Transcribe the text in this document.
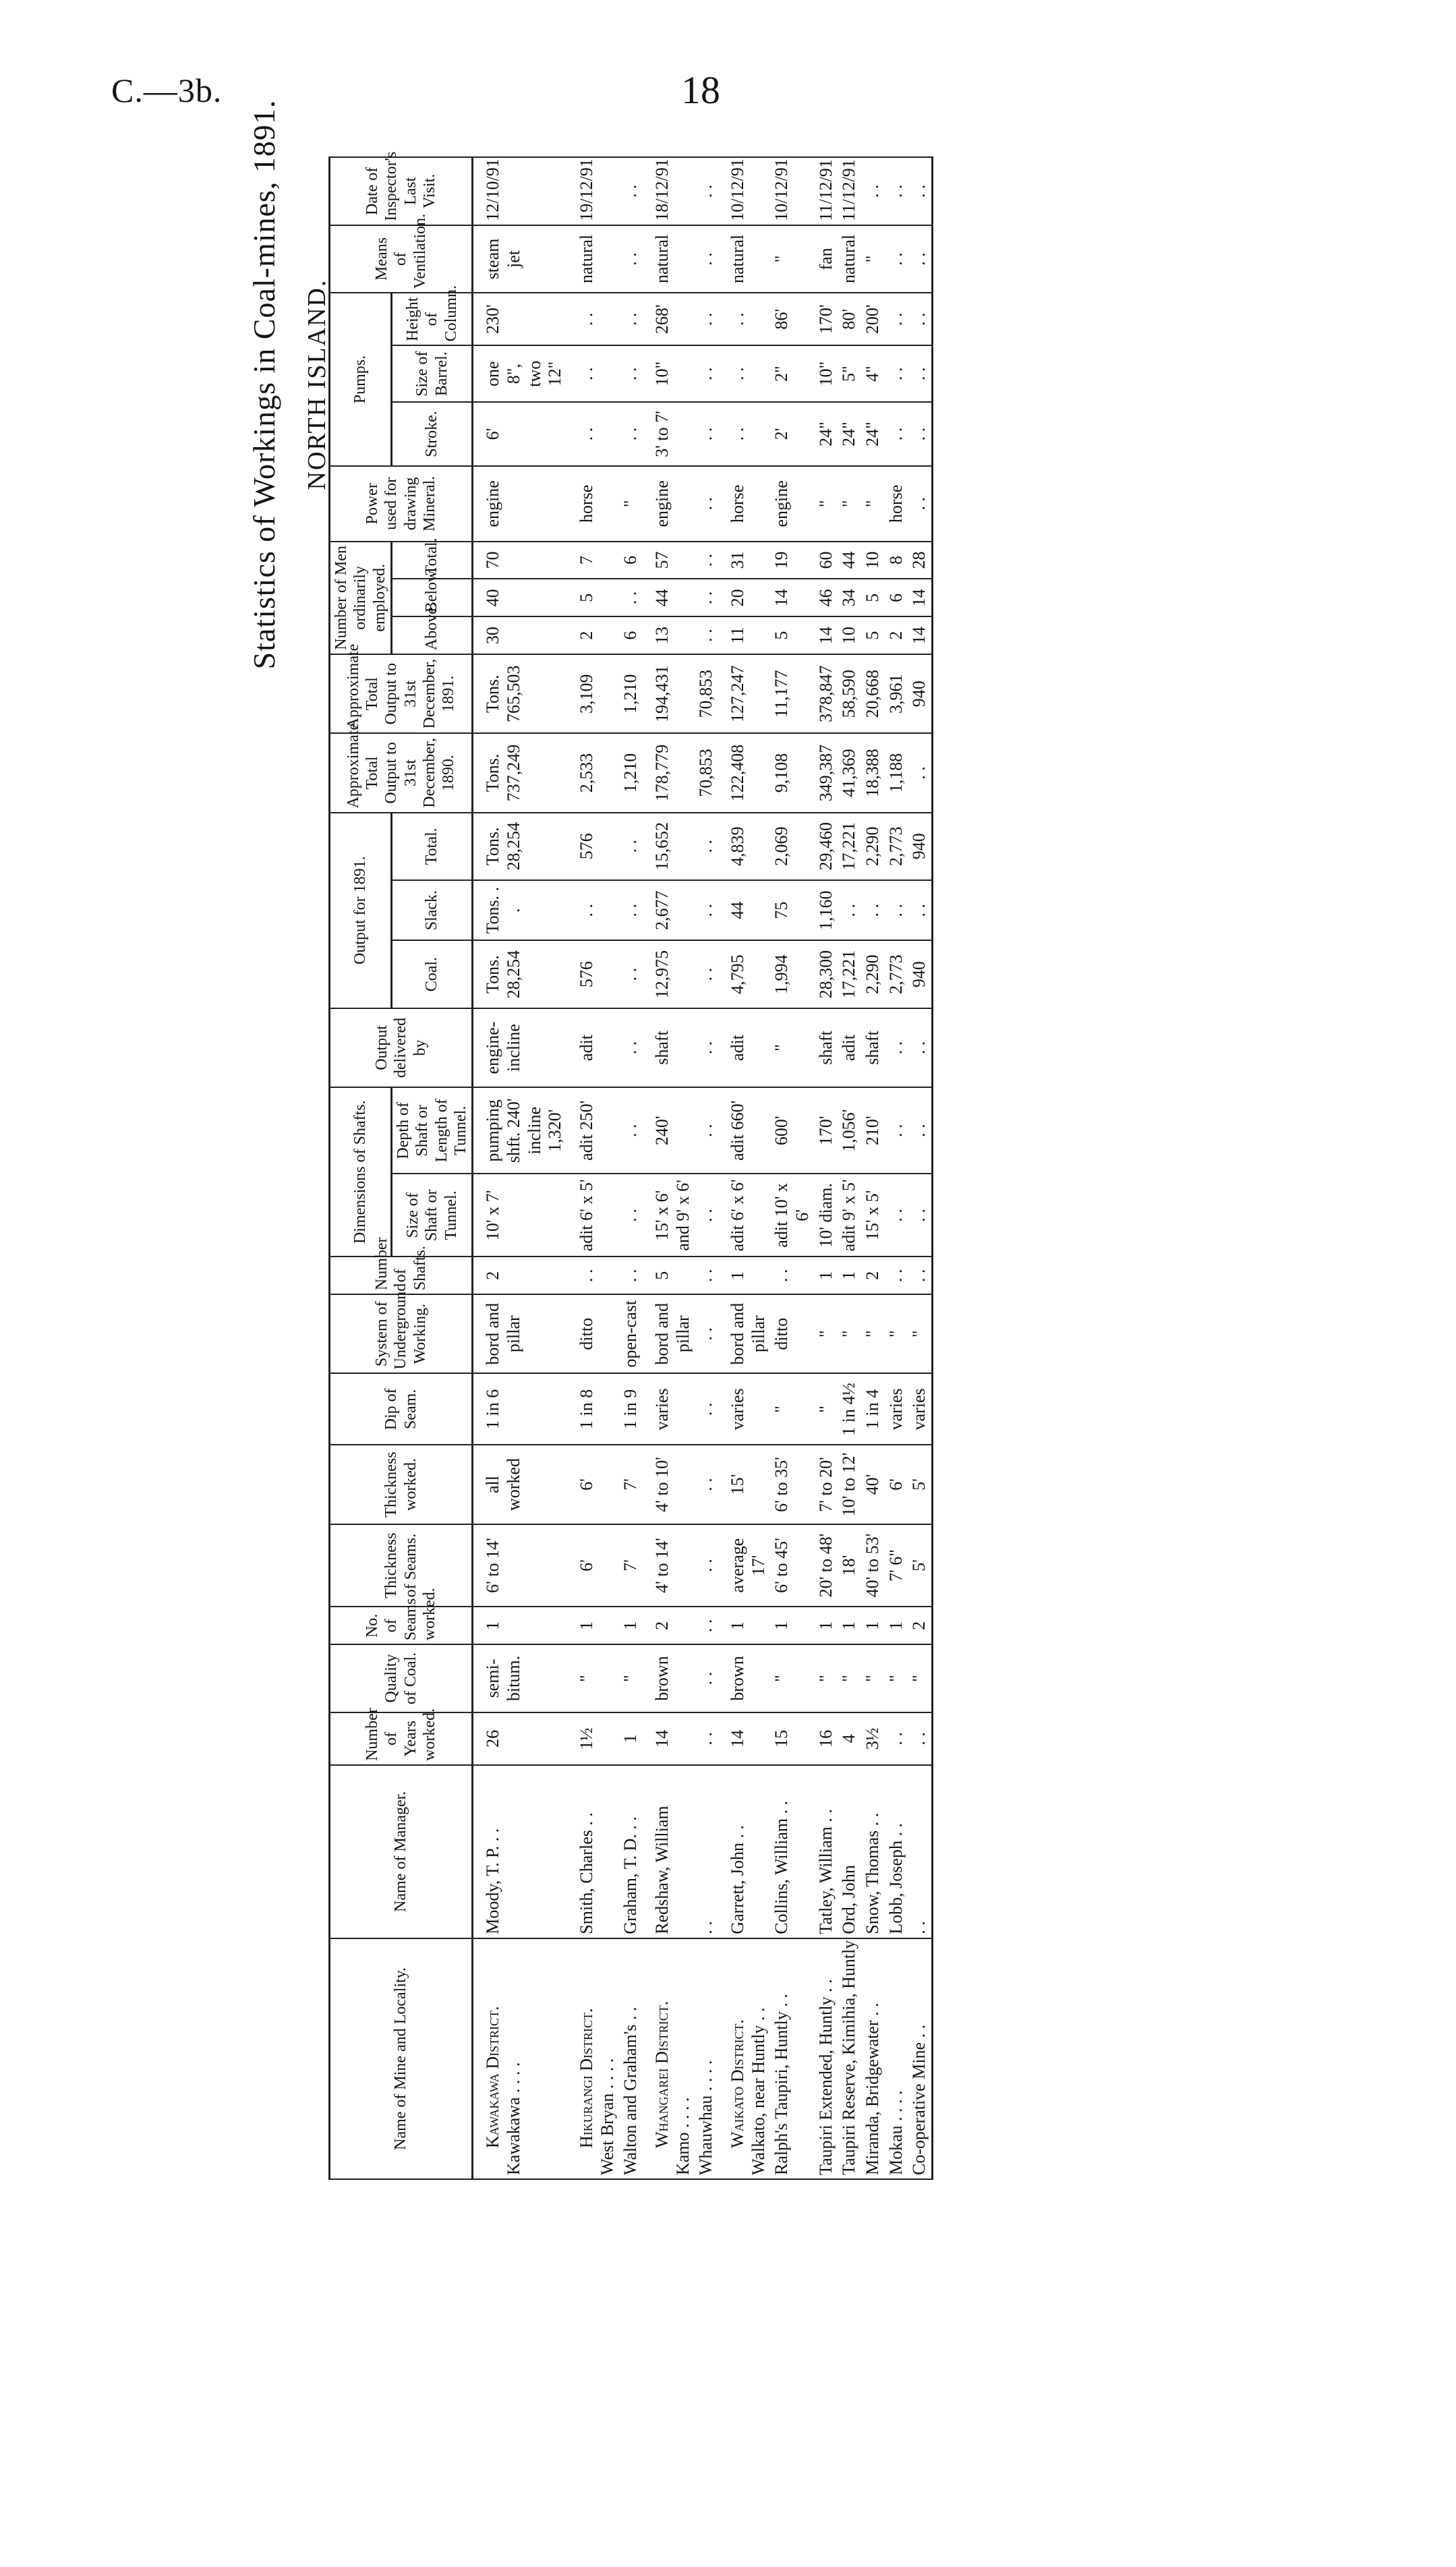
C.—3b.	18
Statistics of Workings in Coal-mines, 1891. NORTH ISLAND.
Name of Mine and Locality.	Name of Manager.	Number of Years worked.	Quality of Coal.	No. of Seams worked.	Thickness of Seams.	Thickness worked.	Dip of Seam.	System of Underground Working.	Number of Shafts.	Dimensions of Shafts.		Output delivered by	Output for 1891.			Approximate Total Output to 31st December, 1890.	Approximate Total Output to 31st December, 1891.	Number of Men ordinarily employed.			Power used for drawing Mineral.	Pumps.			Means of Ventilation.	Date of Inspector's Last Visit.
										Size of Shaft or Tunnel.	Depth of Shaft or Length of Tunnel.		Coal.	Slack.	Total.			Above.	Below.	Total.		Stroke.	Size of Barrel.	Height of Column.		

Kawakawa District. Kawakawa . . . .	Moody, T. P. . .	26	semi-bitum.	1	6' to 14'	all worked	1 in 6	bord and pillar	2	10' x 7'	pumping shft. 240' incline 1,320'	engine-incline	Tons. 28,254	Tons. . .	Tons. 28,254	Tons. 737,249	Tons. 765,503	30	40	70	engine	6'	one 8", two 12"	230'	steam jet	12/10/91

Hikurangi District. West Bryan . . . .	Smith, Charles . .	1½	"	1	6'	6'	1 in 8	ditto	. .	adit 6' x 5'	adit 250'	adit	576	. .	576	2,533	3,109	2	5	7	horse	. .	. .	. .	natural	19/12/91
Walton and Graham's . .	Graham, T. D. . .	1	"	1	7'	7'	1 in 9	open-cast	. .	. .	. .	. .	. .	. .	. .	1,210	1,210	6	. .	6	"	. .	. .	. .	. .	. .

Whangarei District. Kamo . . . .	Redshaw, William	14	brown	2	4' to 14'	4' to 10'	varies	bord and pillar	5	15' x 6' and 9' x 6'	240'	shaft	12,975	2,677	15,652	178,779	194,431	13	44	57	engine	3' to 7'	10"	268'	natural	18/12/91
Whauwhau . . . .	. .	. .	. .	. .	. .	. .	. .	. .	. .	. .	. .	. .	. .	. .	. .	70,853	70,853	. .	. .	. .	. .	. .	. .	. .	. .	. .

Waikato District. Walkato, near Huntly . .	Garrett, John . .	14	brown	1	average 17'	15'	varies	bord and pillar	1	adit 6' x 6'	adit 660'	adit	4,795	44	4,839	122,408	127,247	11	20	31	horse	. .	. .	. .	natural	10/12/91
Ralph's Taupiri, Huntly . .	Collins, William . .	15	"	1	6' to 45'	6' to 35'	"	ditto	. .	adit 10' x 6'	600'	"	1,994	75	2,069	9,108	11,177	5	14	19	engine	2'	2"	86'	"	10/12/91
Taupiri Extended, Huntly . .	Tatley, William . .	16	"	1	20' to 48'	7' to 20'	"	"	1	10' diam.	170'	shaft	28,300	1,160	29,460	349,387	378,847	14	46	60	"	24"	10"	170'	fan	11/12/91
Taupiri Reserve, Kimihia, Huntly	Ord, John	4	"	1	18'	10' to 12'	1 in 4½	"	1	adit 9' x 5'	1,056'	adit	17,221	. .	17,221	41,369	58,590	10	34	44	"	24"	5"	80'	natural	11/12/91
Miranda, Bridgewater . .	Snow, Thomas . .	3½	"	1	40' to 53'	40'	1 in 4	"	2	15' x 5'	210'	shaft	2,290	. .	2,290	18,388	20,668	5	5	10	"	24"	4"	200'	"	. .
Mokau . . . .	Lobb, Joseph . .	. .	"	1	7' 6"	6'	varies	"	. .	. .	. .	. .	2,773	. .	2,773	1,188	3,961	2	6	8	horse	. .	. .	. .	. .	. .
Co-operative Mine . .	. .	. .	"	2	5'	5'	varies	"	. .	. .	. .	. .	940	. .	940	. .	940	14	14	28	. .	. .	. .	. .	. .	. .
